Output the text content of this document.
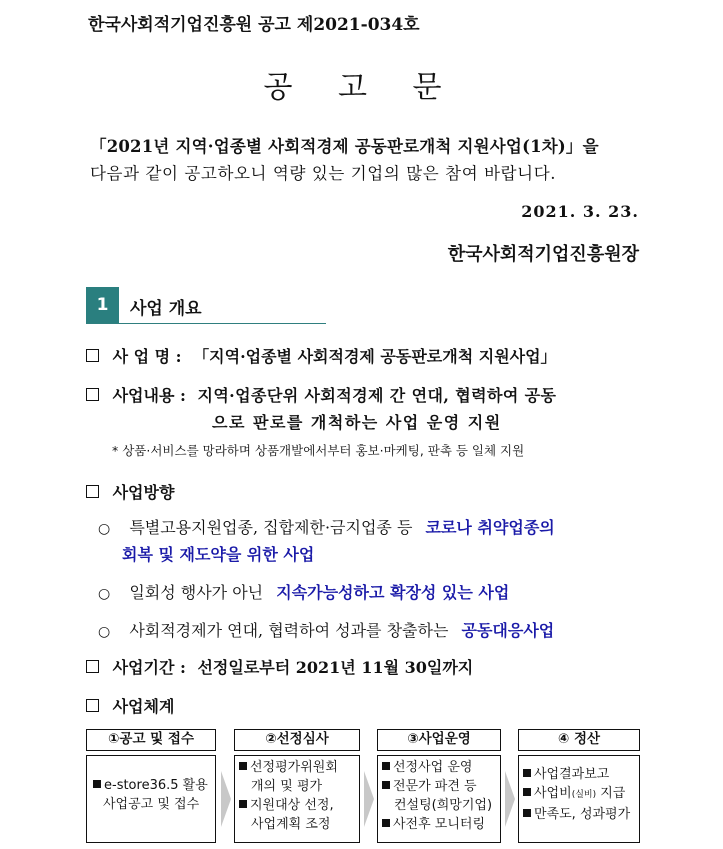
한국사회적기업진흥원 공고 제2021-034호
공 고 문
「2021년 지역·업종별 사회적경제 공동판로개척 지원사업(1차)」을
다음과 같이 공고하오니 역량 있는 기업의 많은 참여 바랍니다.
2021. 3. 23.
한국사회적기업진흥원장
1	사업 개요
사 업 명 : 「지역·업종별 사회적경제 공동판로개척 지원사업」
사업내용 : 지역·업종단위 사회적경제 간 연대, 협력하여 공동
으로 판로를 개척하는 사업 운영 지원
* 상품·서비스를 망라하며 상품개발에서부터 홍보·마케팅, 판촉 등 일체 지원
사업방향
○ 특별고용지원업종, 집합제한·금지업종 등 코로나 취약업종의
회복 및 재도약을 위한 사업
○ 일회성 행사가 아닌 지속가능성하고 확장성 있는 사업
○ 사회적경제가 연대, 협력하여 성과를 창출하는 공동대응사업
사업기간 : 선정일로부터 2021년 11월 30일까지
사업체계
①공고 및 접수
e-store36.5 활용
사업공고 및 접수
②선정심사
선정평가위원회
개의 및 평가
지원대상 선정,
사업계획 조정
③사업운영
선정사업 운영
전문가 파견 등
컨설팅(희망기업)
사전후 모니터링
④ 정산
사업결과보고
사업비(실비) 지급
만족도, 성과평가
